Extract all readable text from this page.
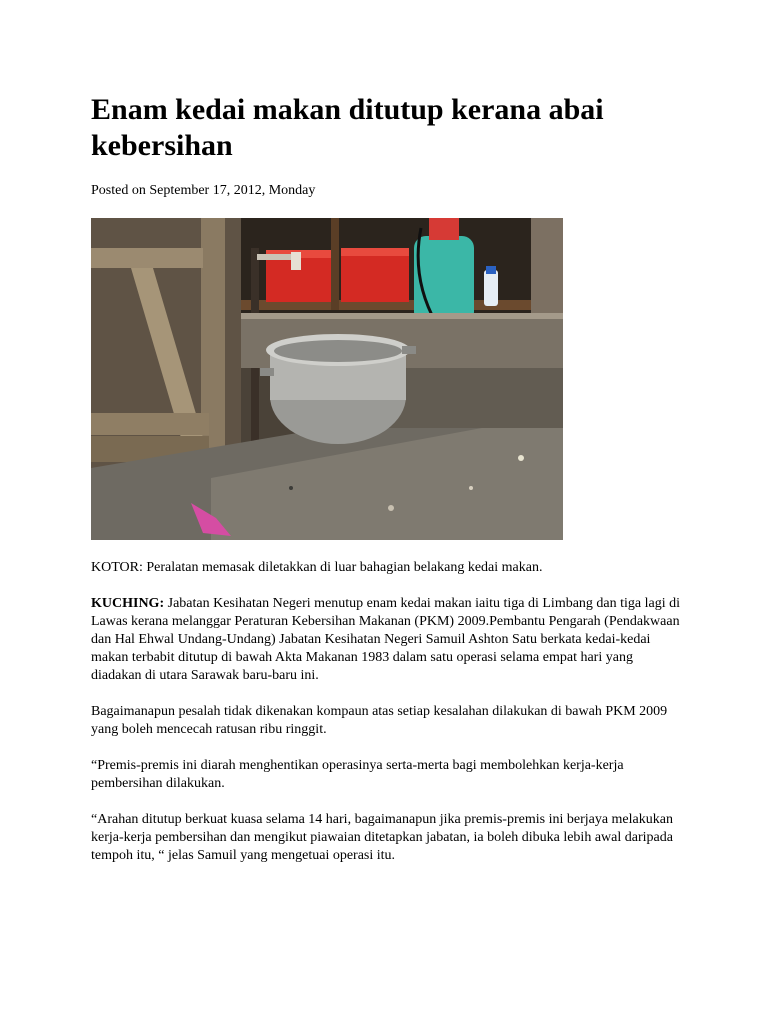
Enam kedai makan ditutup kerana abai kebersihan
Posted on September 17, 2012, Monday
KOTOR: Peralatan memasak diletakkan di luar bahagian belakang kedai makan.

KUCHING: Jabatan Kesihatan Negeri menutup enam kedai makan iaitu tiga di Limbang dan tiga lagi di Lawas kerana melanggar Peraturan Kebersihan Makanan (PKM) 2009.Pembantu Pengarah (Pendakwaan dan Hal Ehwal Undang-Undang) Jabatan Kesihatan Negeri Samuil Ashton Satu berkata kedai-kedai makan terbabit ditutup di bawah Akta Makanan 1983 dalam satu operasi selama empat hari yang diadakan di utara Sarawak baru-baru ini.

Bagaimanapun pesalah tidak dikenakan kompaun atas setiap kesalahan dilakukan di bawah PKM 2009 yang boleh mencecah ratusan ribu ringgit.

“Premis-premis ini diarah menghentikan operasinya serta-merta bagi membolehkan kerja-kerja pembersihan dilakukan.

“Arahan ditutup berkuat kuasa selama 14 hari, bagaimanapun jika premis-premis ini berjaya melakukan kerja-kerja pembersihan dan mengikut piawaian ditetapkan jabatan, ia boleh dibuka lebih awal daripada tempoh itu, “ jelas Samuil yang mengetuai operasi itu.
